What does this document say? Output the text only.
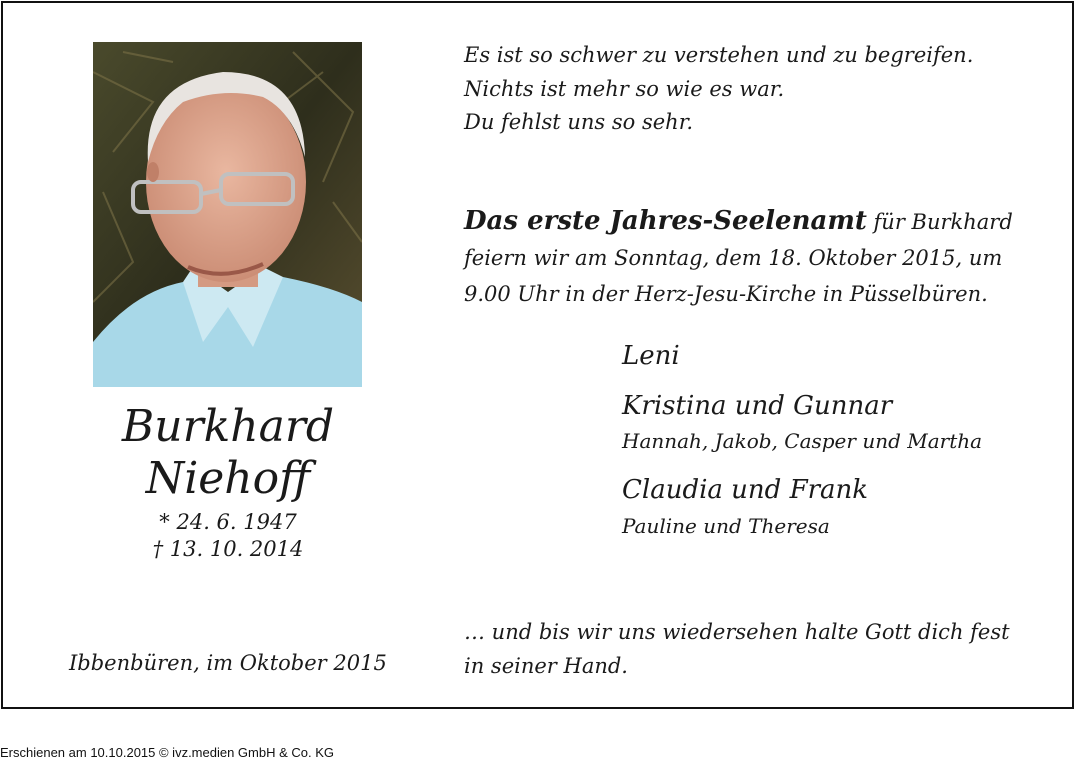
Burkhard
Niehoff
* 24. 6. 1947
† 13. 10. 2014
Ibbenbüren, im Oktober 2015
Es ist so schwer zu verstehen und zu begreifen.
Nichts ist mehr so wie es war.
Du fehlst uns so sehr.
Das erste Jahres-Seelenamt für Burkhard
feiern wir am Sonntag, dem 18. Oktober 2015, um
9.00 Uhr in der Herz-Jesu-Kirche in Püsselbüren.
Leni
Kristina und Gunnar
Hannah, Jakob, Casper und Martha
Claudia und Frank
Pauline und Theresa
… und bis wir uns wiedersehen halte Gott dich fest
in seiner Hand.
Erschienen am 10.10.2015 © ivz.medien GmbH & Co. KG
